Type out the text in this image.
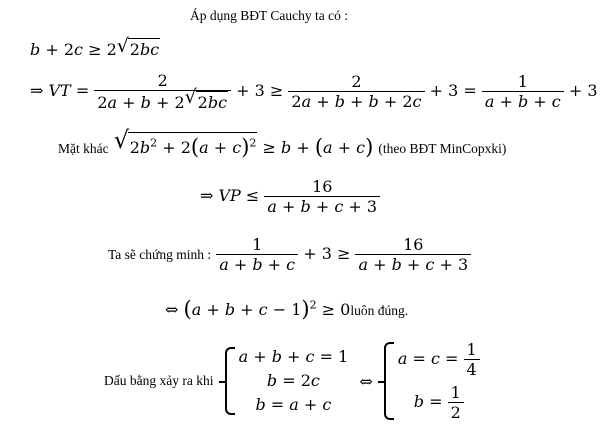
Áp dụng BĐT Cauchy ta có :
b + 2c ≥ 2 √ 2bc
⇒ VT = $\frac{2}{2a + b + 2 √ 2bc} + 3 \ge \frac{2}{2a + b + b + 2c} + 3 = \frac{1}{a + b + c} + 3$
Mặt khác √ $2b^2 + 2(a + c)^2 \ge b + (a + c)$ (theo BĐT MinCopxki)
⇒ VP ≤ $\frac{16}{a + b + c + 3}$
Ta sẽ chứng minh : $\frac{1}{a + b + c} + 3 \ge \frac{16}{a + b + c + 3}$
⇔ $(a + b + c - 1)^2$ ≥ 0luôn đúng.
Dấu bằng xảy ra khi
a + b + c = 1
b = 2c
b = a + c
⇔
$a = c = \frac{1}{4}$
$b = \frac{1}{2}$
